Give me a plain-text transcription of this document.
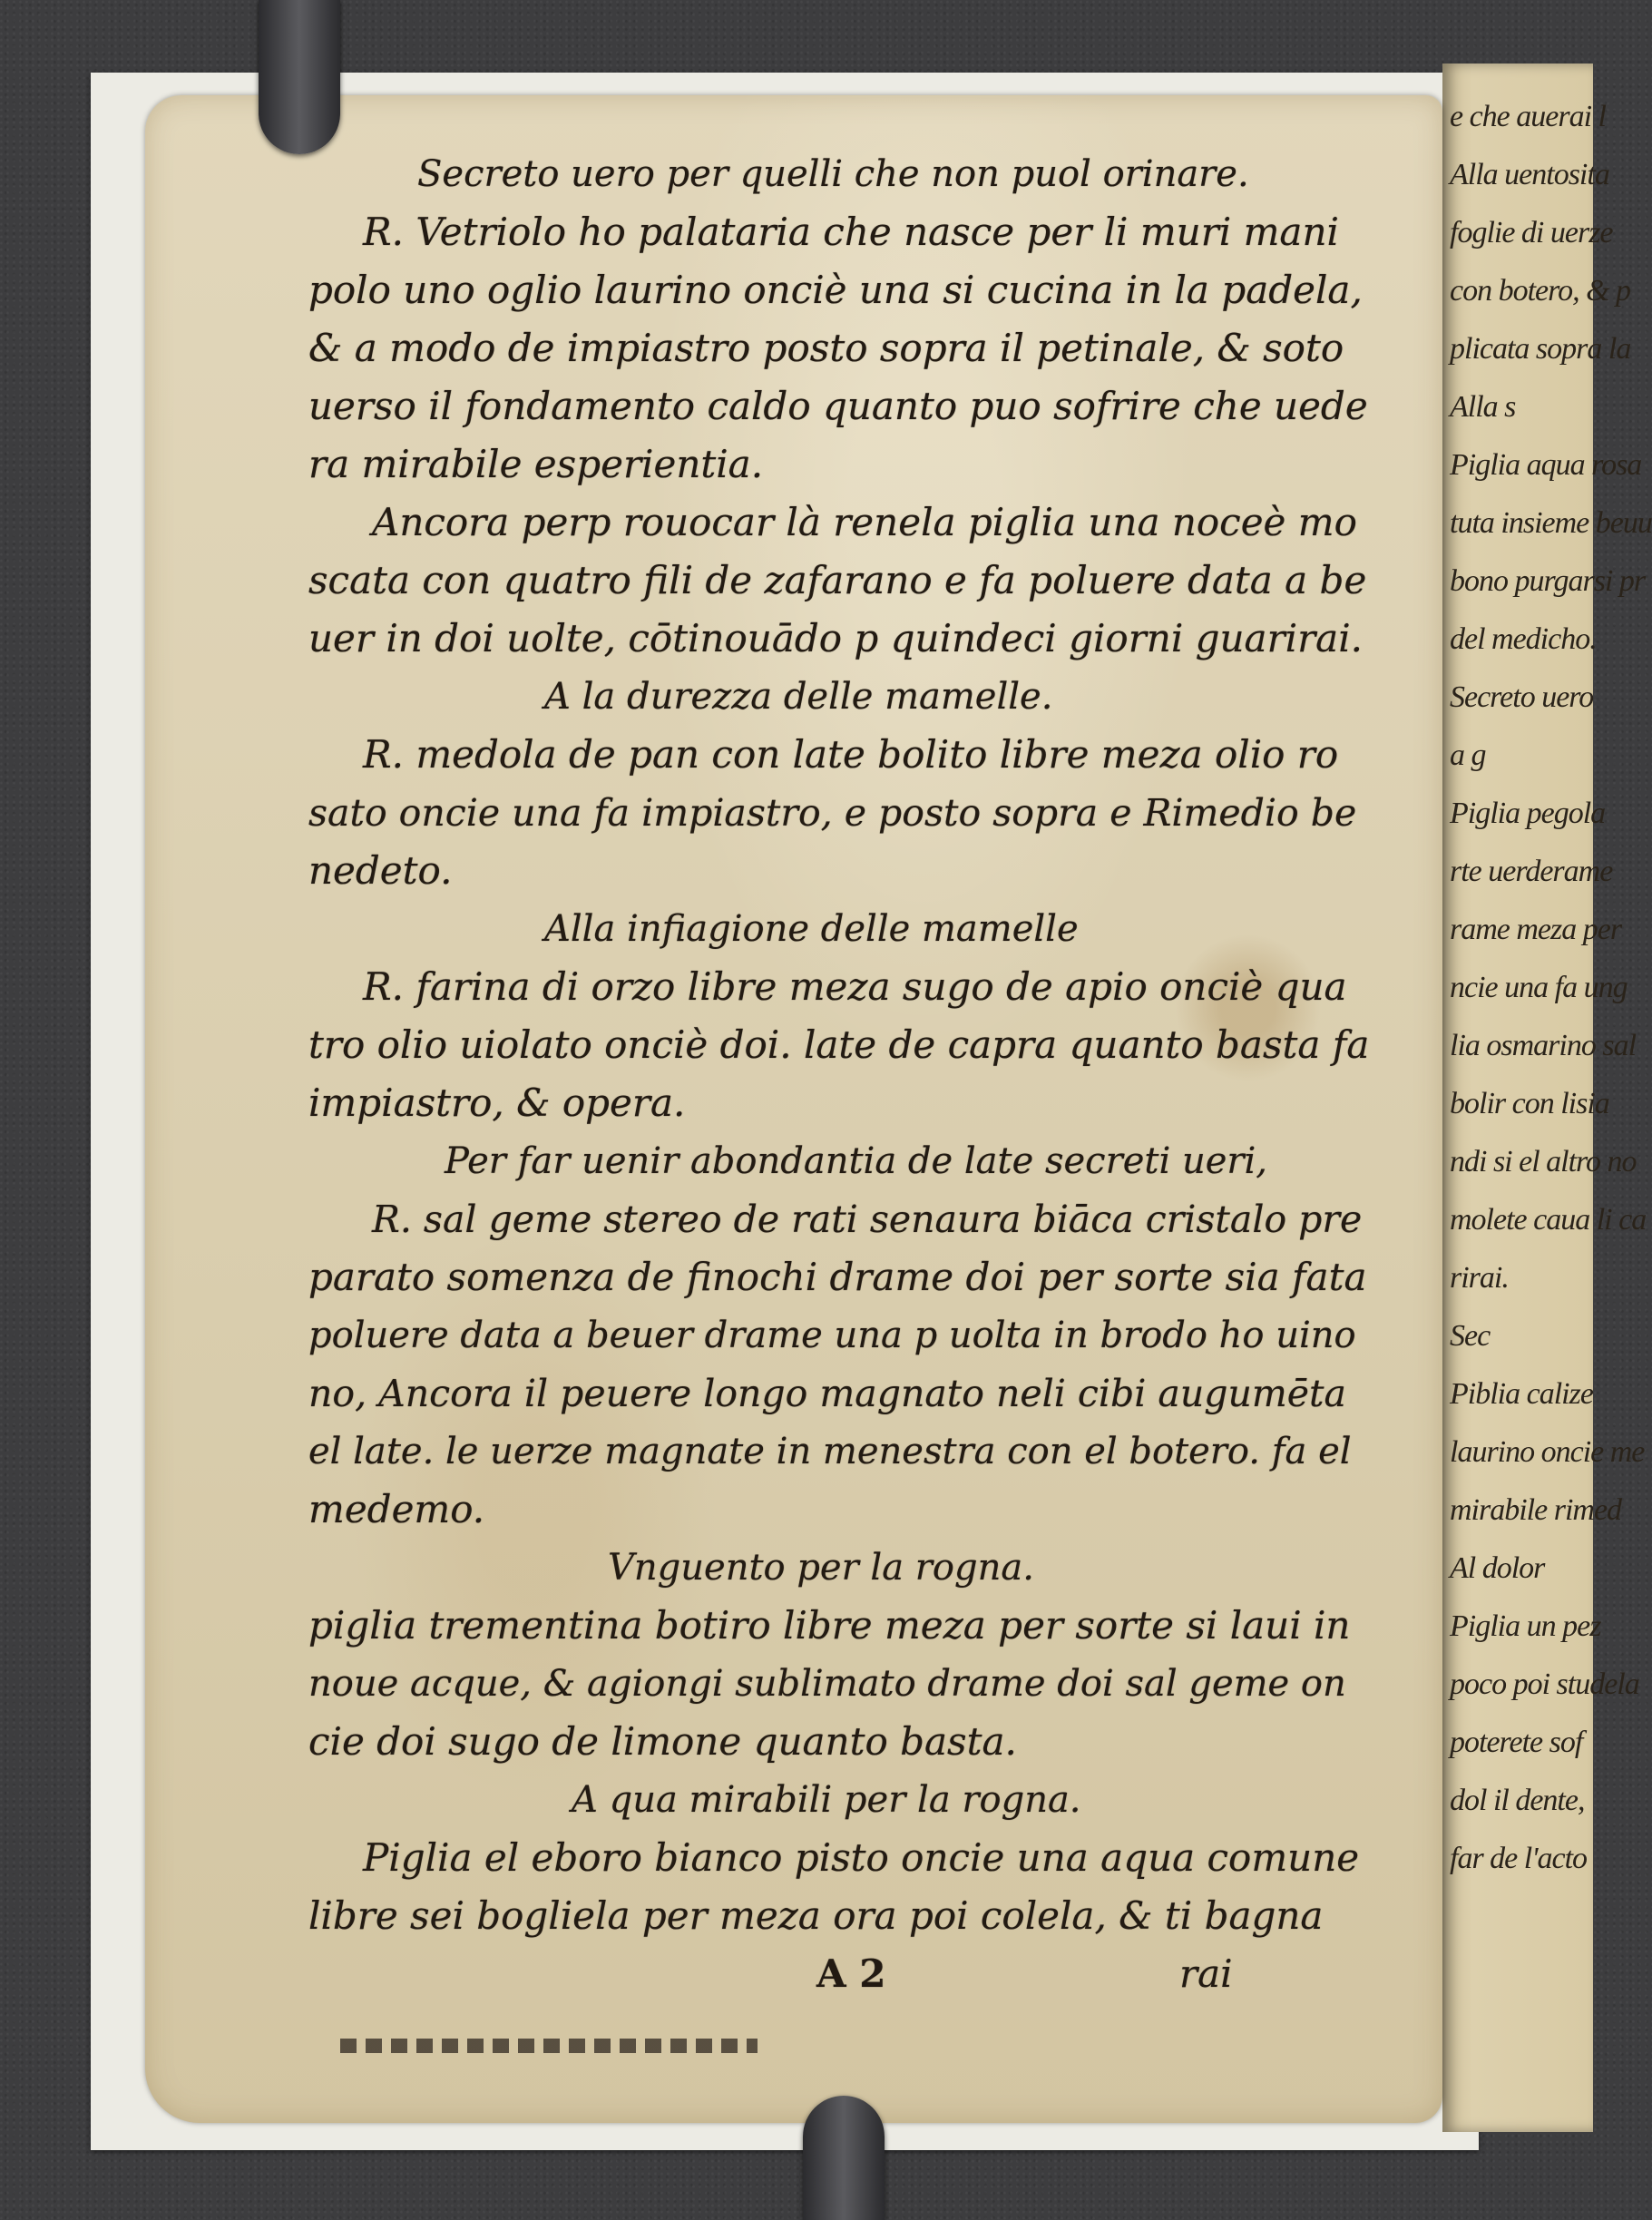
e che auerai l
Alla uentosita
foglie di uerze
con botero, & p
plicata sopra la
Alla s
Piglia aqua rosa
tuta insieme beuu
bono purgarsi pr
del medicho.
Secreto uero
a g
Piglia pegola
rte uerderame
rame meza per
ncie una fa ung
lia osmarino sal
bolir con lisia
ndi si el altro no
molete caua li ca
rirai.
Sec
Piblia calize
laurino oncie me
mirabile rimed
Al dolor
Piglia un pez
poco poi studela
poterete sof
dol il dente,
far de l'acto
Secreto uero per quelli che non puol orinare.
R. Vetriolo ho palataria che nasce per li muri mani
polo uno oglio laurino onciè una si cucina in la padela,
& a modo de impiastro posto sopra il petinale, & soto
uerso il fondamento caldo quanto puo sofrire che uede
ra mirabile esperientia.
Ancora perp rouocar là renela piglia una noceè mo
scata con quatro fili de zafarano e fa poluere data a be
uer in doi uolte, cōtinouādo p quindeci giorni guarirai.
A la durezza delle mamelle.
R. medola de pan con late bolito libre meza olio ro
sato oncie una fa impiastro, e posto sopra e Rimedio be
nedeto.
Alla infiagione delle mamelle
R. farina di orzo libre meza sugo de apio onciè qua
tro olio uiolato onciè doi. late de capra quanto basta fa
impiastro, & opera.
Per far uenir abondantia de late secreti ueri,
R. sal geme stereo de rati senaura biāca cristalo pre
parato somenza de finochi drame doi per sorte sia fata
poluere data a beuer drame una p uolta in brodo ho uino
no, Ancora il peuere longo magnato neli cibi augumēta
el late. le uerze magnate in menestra con el botero. fa el
medemo.
Vnguento per la rogna.
piglia trementina botiro libre meza per sorte si laui in
noue acque, & agiongi sublimato drame doi sal geme on
cie doi sugo de limone quanto basta.
A qua mirabili per la rogna.
Piglia el eboro bianco pisto oncie una aqua comune
libre sei bogliela per meza ora poi colela, & ti bagna
A 2	rai
